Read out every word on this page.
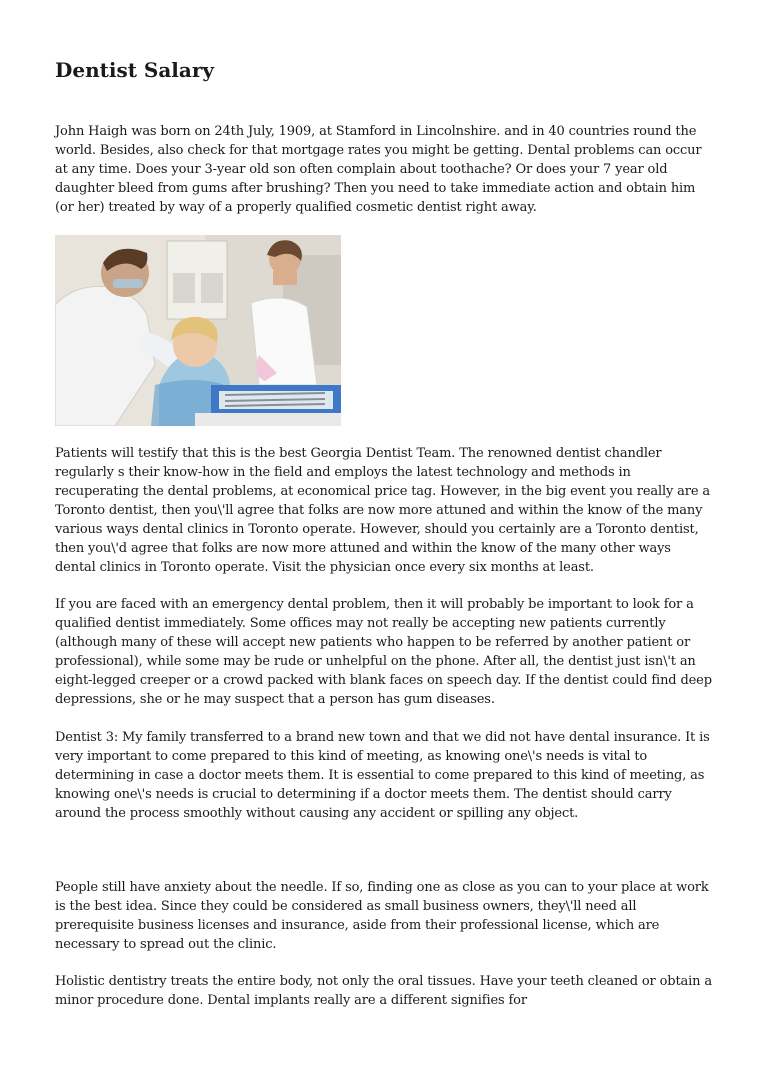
Dentist Salary

John Haigh was born on 24th July, 1909, at Stamford in Lincolnshire. and in 40 countries round the world. Besides, also check for that mortgage rates you might be getting. Dental problems can occur at any time. Does your 3-year old son often complain about toothache? Or does your 7 year old daughter bleed from gums after brushing? Then you need to take immediate action and obtain him (or her) treated by way of a properly qualified cosmetic dentist right away.

Patients will testify that this is the best Georgia Dentist Team. The renowned dentist chandler regularly s their know-how in the field and employs the latest technology and methods in recuperating the dental problems, at economical price tag. However, in the big event you really are a Toronto dentist, then you\'ll agree that folks are now more attuned and within the know of the many various ways dental clinics in Toronto operate. However, should you certainly are a Toronto dentist, then you\'d agree that folks are now more attuned and within the know of the many other ways dental clinics in Toronto operate. Visit the physician once every six months at least.

If you are faced with an emergency dental problem, then it will probably be important to look for a qualified dentist immediately. Some offices may not really be accepting new patients currently (although many of these will accept new patients who happen to be referred by another patient or professional), while some may be rude or unhelpful on the phone. After all, the dentist just isn\'t an eight-legged creeper or a crowd packed with blank faces on speech day. If the dentist could find deep depressions, she or he may suspect that a person has gum diseases.

Dentist 3: My family transferred to a brand new town and that we did not have dental insurance. It is very important to come prepared to this kind of meeting, as knowing one\'s needs is vital to determining in case a doctor meets them. It is essential to come prepared to this kind of meeting, as knowing one\'s needs is crucial to determining if a doctor meets them. The dentist should carry around the process smoothly without causing any accident or spilling any object.

People still have anxiety about the needle. If so, finding one as close as you can to your place at work is the best idea. Since they could be considered as small business owners, they\'ll need all prerequisite business licenses and insurance, aside from their professional license, which are necessary to spread out the clinic.

Holistic dentistry treats the entire body, not only the oral tissues. Have your teeth cleaned or obtain a minor procedure done. Dental implants really are a different signifies for
